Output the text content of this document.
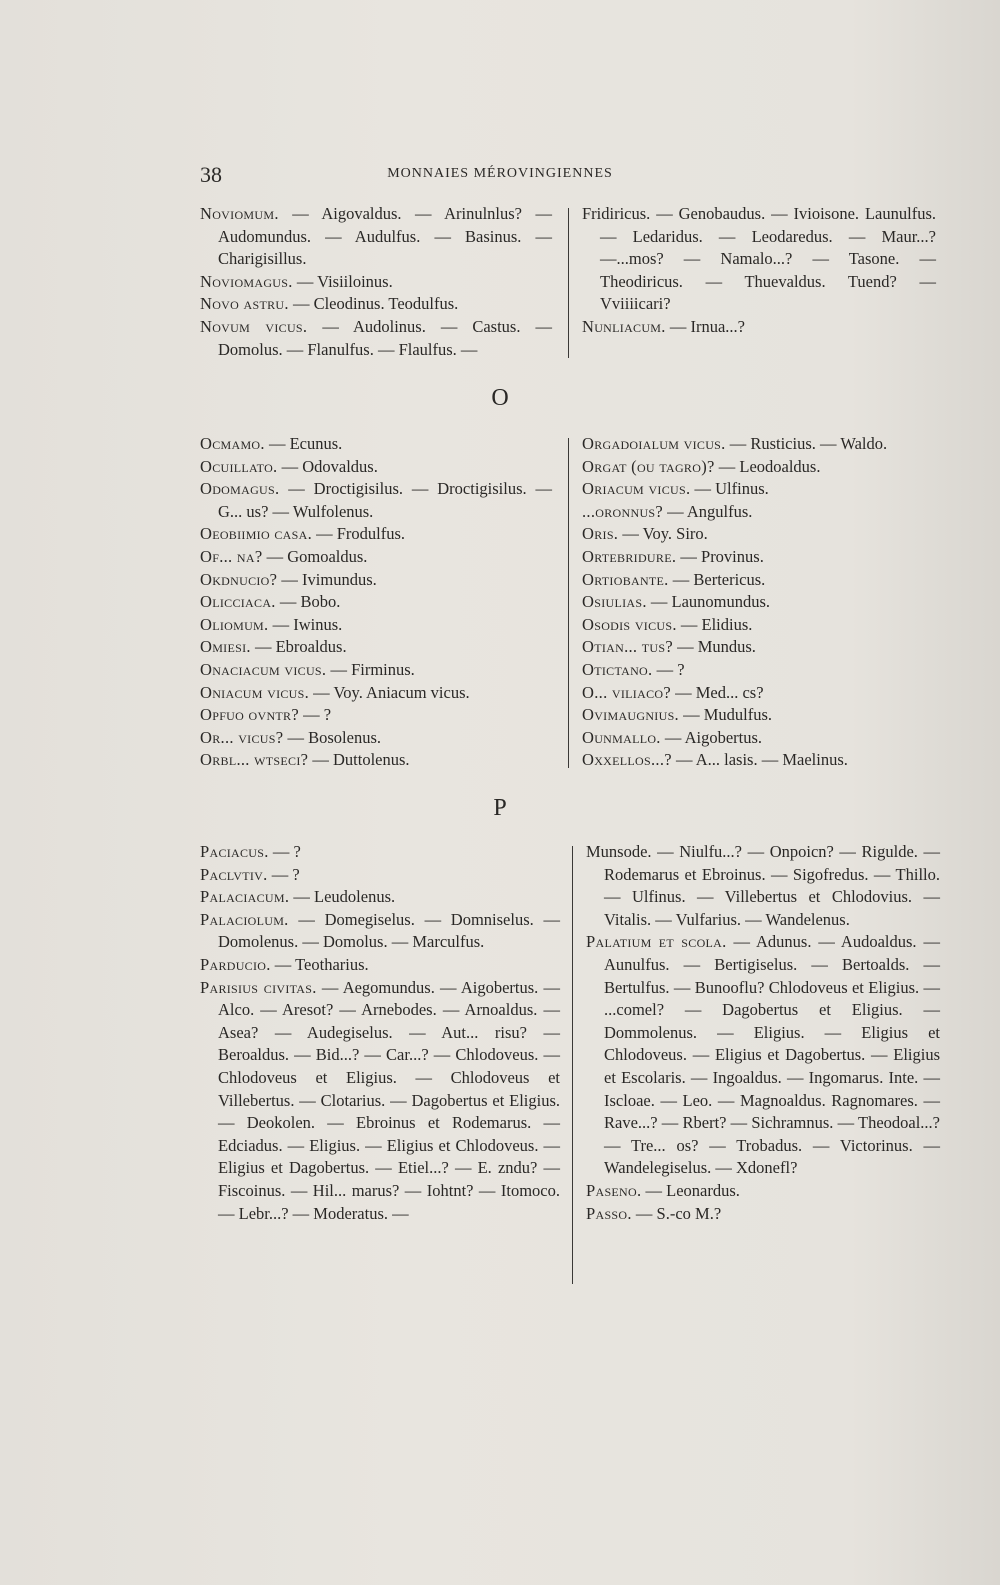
38	MONNAIES MÉROVINGIENNES

Noviomum. — Aigovaldus. — Arinulnlus? — Audomundus. — Audulfus. — Basinus. — Charigisillus.

Noviomagus. — Visiiloinus.

Novo astru. — Cleodinus. Teodulfus.

Novum vicus. — Audolinus. — Castus. — Domolus. — Flanulfus. — Flaulfus. —

Fridiricus. — Genobaudus. — Ivioisone. Launulfus. — Ledaridus. — Leodaredus. — Maur...? —...mos? — Namalo...? — Tasone. — Theodiricus. — Thuevaldus. Tuend? — Vviiiicari?

Nunliacum. — Irnua...?

O

Ocmamo. — Ecunus.

Ocuillato. — Odovaldus.

Odomagus. — Droctigisilus. — Droctigisilus. — G... us? — Wulfolenus.

Oeobiimio casa. — Frodulfus.

Of... na? — Gomoaldus.

Okdnucio? — Ivimundus.

Olicciaca. — Bobo.

Oliomum. — Iwinus.

Omiesi. — Ebroaldus.

Onaciacum vicus. — Firminus.

Oniacum vicus. — Voy. Aniacum vicus.

Opfuo ovntr? — ?

Or... vicus? — Bosolenus.

Orbl... wtseci? — Duttolenus.

Orgadoialum vicus. — Rusticius. — Waldo.

Orgat (ou tagro)? — Leodoaldus.

Oriacum vicus. — Ulfinus.

...oronnus? — Angulfus.

Oris. — Voy. Siro.

Ortebridure. — Provinus.

Ortiobante. — Bertericus.

Osiulias. — Launomundus.

Osodis vicus. — Elidius.

Otian... tus? — Mundus.

Otictano. — ?

O... viliaco? — Med... cs?

Ovimaugnius. — Mudulfus.

Ounmallo. — Aigobertus.

Oxxellos...? — A... lasis. — Maelinus.

P

Paciacus. — ?

Paclvtiv. — ?

Palaciacum. — Leudolenus.

Palaciolum. — Domegiselus. — Domniselus. — Domolenus. — Domolus. — Marculfus.

Parducio. — Teotharius.

Parisius civitas. — Aegomundus. — Aigobertus. — Alco. — Aresot? — Arnebodes. — Arnoaldus. — Asea? — Audegiselus. — Aut... risu? — Beroaldus. — Bid...? — Car...? — Chlodoveus. — Chlodoveus et Eligius. — Chlodoveus et Villebertus. — Clotarius. — Dagobertus et Eligius. — Deokolen. — Ebroinus et Rodemarus. — Edciadus. — Eligius. — Eligius et Chlodoveus. — Eligius et Dagobertus. — Etiel...? — E. zndu? — Fiscoinus. — Hil... marus? — Iohtnt? — Itomoco. — Lebr...? — Moderatus. —

Munsode. — Niulfu...? — Onpoicn? — Rigulde. — Rodemarus et Ebroinus. — Sigofredus. — Thillo. — Ulfinus. — Villebertus et Chlodovius. — Vitalis. — Vulfarius. — Wandelenus.

Palatium et scola. — Adunus. — Audoaldus. — Aunulfus. — Bertigiselus. — Bertoalds. — Bertulfus. — Bunooflu? Chlodoveus et Eligius. — ...comel? — Dagobertus et Eligius. — Dommolenus. — Eligius. — Eligius et Chlodoveus. — Eligius et Dagobertus. — Eligius et Escolaris. — Ingoaldus. — Ingomarus. Inte. — Iscloae. — Leo. — Magnoaldus. Ragnomares. — Rave...? — Rbert? — Sichramnus. — Theodoal...? — Tre... os? — Trobadus. — Victorinus. — Wandelegiselus. — Xdonefl?

Paseno. — Leonardus.

Passo. — S.-co M.?
